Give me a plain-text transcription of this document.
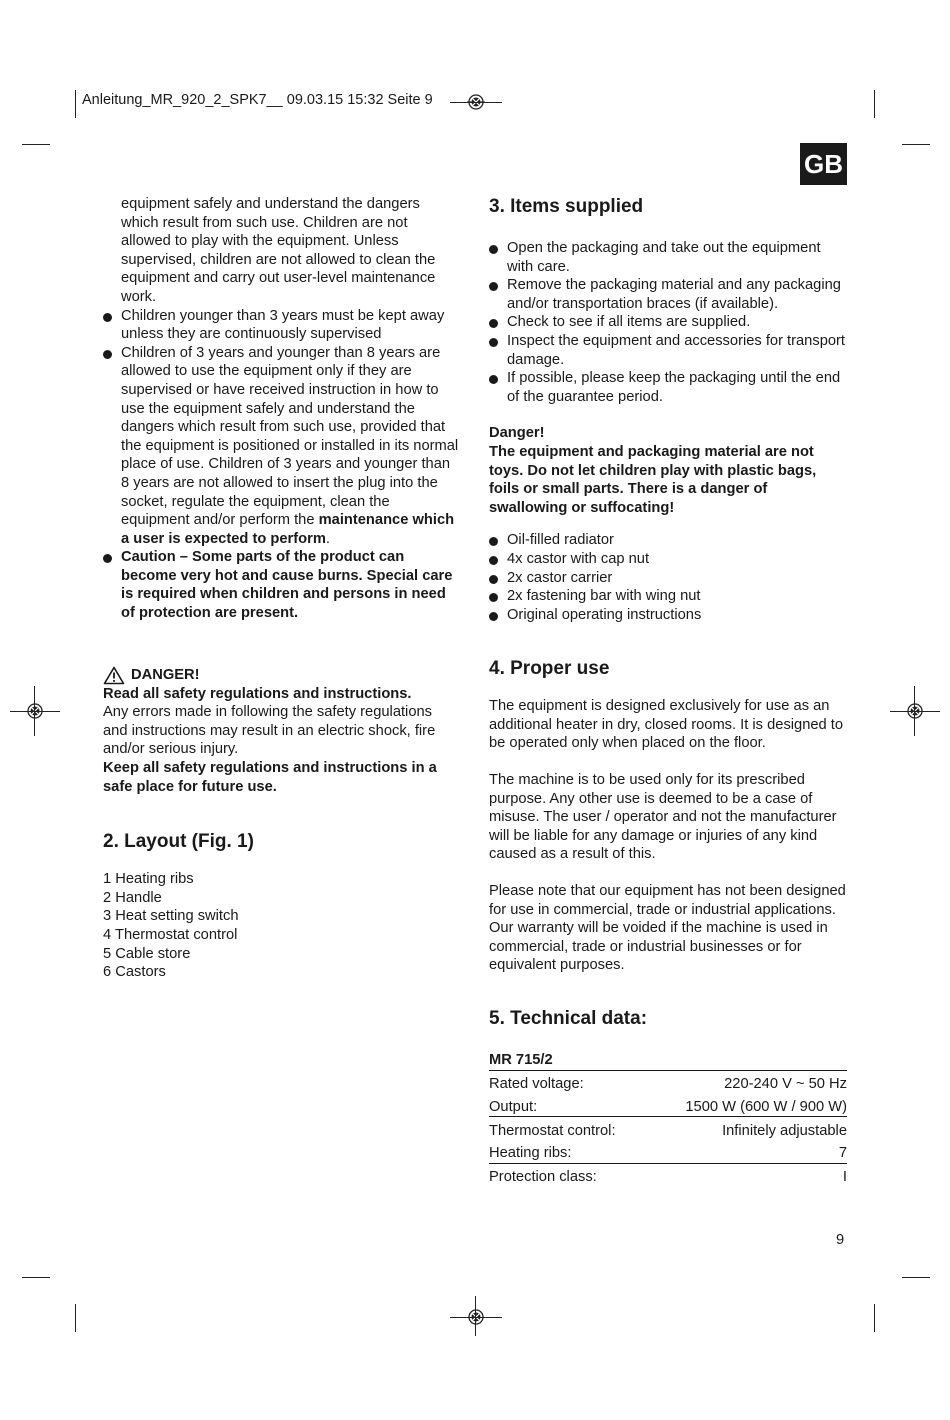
Anleitung_MR_920_2_SPK7__ 09.03.15 15:32 Seite 9
GB

equipment safely and understand the dangers which result from such use. Children are not allowed to play with the equipment. Unless supervised, children are not allowed to clean the equipment and carry out user-level maintenance work.

Children younger than 3 years must be kept away unless they are continuously supervised
Children of 3 years and younger than 8 years are allowed to use the equipment only if they are supervised or have received instruction in how to use the equipment safely and understand the dangers which result from such use, provided that the equipment is positioned or installed in its normal place of use. Children of 3 years and younger than 8 years are not allowed to insert the plug into the socket, regulate the equipment, clean the equipment and/or perform the maintenance which a user is expected to perform.
Caution – Some parts of the product can become very hot and cause burns. Special care is required when children and persons in need of protection are present.
DANGER!

Read all safety regulations and instructions.

Any errors made in following the safety regulations and instructions may result in an electric shock, fire and/or serious injury.

Keep all safety regulations and instructions in a safe place for future use.

2. Layout (Fig. 1)
1 Heating ribs
2 Handle
3 Heat setting switch
4 Thermostat control
5 Cable store
6 Castors
3. Items supplied
Open the packaging and take out the equipment with care.
Remove the packaging material and any packaging and/or transportation braces (if available).
Check to see if all items are supplied.
Inspect the equipment and accessories for transport damage.
If possible, please keep the packaging until the end of the guarantee period.

Danger!

The equipment and packaging material are not toys. Do not let children play with plastic bags, foils or small parts. There is a danger of swallowing or suffocating!

Oil-filled radiator
4x castor with cap nut
2x castor carrier
2x fastening bar with wing nut
Original operating instructions
4. Proper use

The equipment is designed exclusively for use as an additional heater in dry, closed rooms. It is designed to be operated only when placed on the floor.

The machine is to be used only for its prescribed purpose. Any other use is deemed to be a case of misuse. The user / operator and not the manufacturer will be liable for any damage or injuries of any kind caused as a result of this.

Please note that our equipment has not been designed for use in commercial, trade or industrial applications. Our warranty will be voided if the machine is used in commercial, trade or industrial businesses or for equivalent purposes.

5. Technical data:
MR 715/2	
Rated voltage:	220-240 V ~ 50 Hz
Output:	1500 W (600 W / 900 W)
Thermostat control:	Infinitely adjustable
Heating ribs:	7
Protection class:	I
9
